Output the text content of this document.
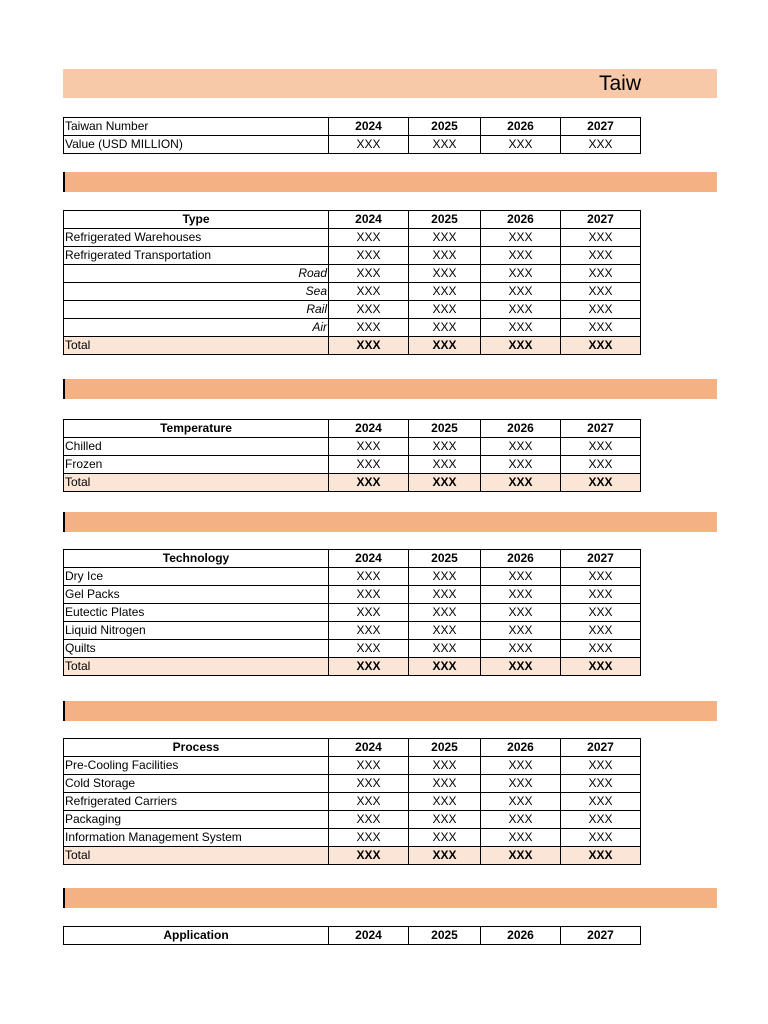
Taiw
Taiwan Number	2024	2025	2026	2027
Value (USD MILLION)	XXX	XXX	XXX	XXX
Type	2024	2025	2026	2027
Refrigerated Warehouses	XXX	XXX	XXX	XXX
Refrigerated Transportation	XXX	XXX	XXX	XXX
Road	XXX	XXX	XXX	XXX
Sea	XXX	XXX	XXX	XXX
Rail	XXX	XXX	XXX	XXX
Air	XXX	XXX	XXX	XXX
Total	XXX	XXX	XXX	XXX
Temperature	2024	2025	2026	2027
Chilled	XXX	XXX	XXX	XXX
Frozen	XXX	XXX	XXX	XXX
Total	XXX	XXX	XXX	XXX
Technology	2024	2025	2026	2027
Dry Ice	XXX	XXX	XXX	XXX
Gel Packs	XXX	XXX	XXX	XXX
Eutectic Plates	XXX	XXX	XXX	XXX
Liquid Nitrogen	XXX	XXX	XXX	XXX
Quilts	XXX	XXX	XXX	XXX
Total	XXX	XXX	XXX	XXX
Process	2024	2025	2026	2027
Pre-Cooling Facilities	XXX	XXX	XXX	XXX
Cold Storage	XXX	XXX	XXX	XXX
Refrigerated Carriers	XXX	XXX	XXX	XXX
Packaging	XXX	XXX	XXX	XXX
Information Management System	XXX	XXX	XXX	XXX
Total	XXX	XXX	XXX	XXX
Application	2024	2025	2026	2027
